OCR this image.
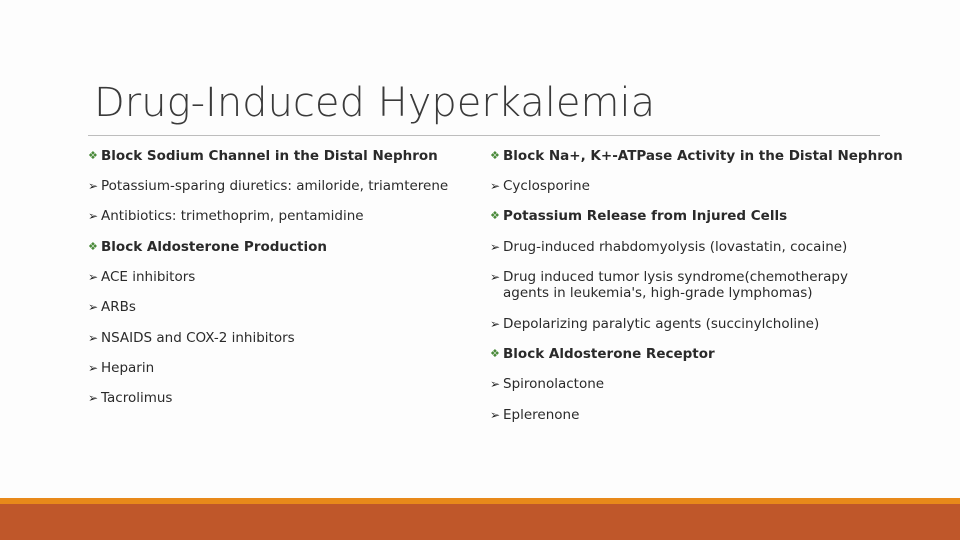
Drug-Induced Hyperkalemia
❖ Block Sodium Channel in the Distal Nephron
➢ Potassium-sparing diuretics: amiloride, triamterene
➢ Antibiotics: trimethoprim, pentamidine
❖ Block Aldosterone Production
➢ ACE inhibitors
➢ ARBs
➢ NSAIDS and COX-2 inhibitors
➢ Heparin
➢ Tacrolimus
❖ Block Na+, K+-ATPase Activity in the Distal Nephron
➢ Cyclosporine
❖ Potassium Release from Injured Cells
➢ Drug-induced rhabdomyolysis (lovastatin, cocaine)
➢ Drug induced tumor lysis syndrome(chemotherapy agents in leukemia's, high-grade lymphomas)
➢ Depolarizing paralytic agents (succinylcholine)
❖ Block Aldosterone Receptor
➢ Spironolactone
➢ Eplerenone
